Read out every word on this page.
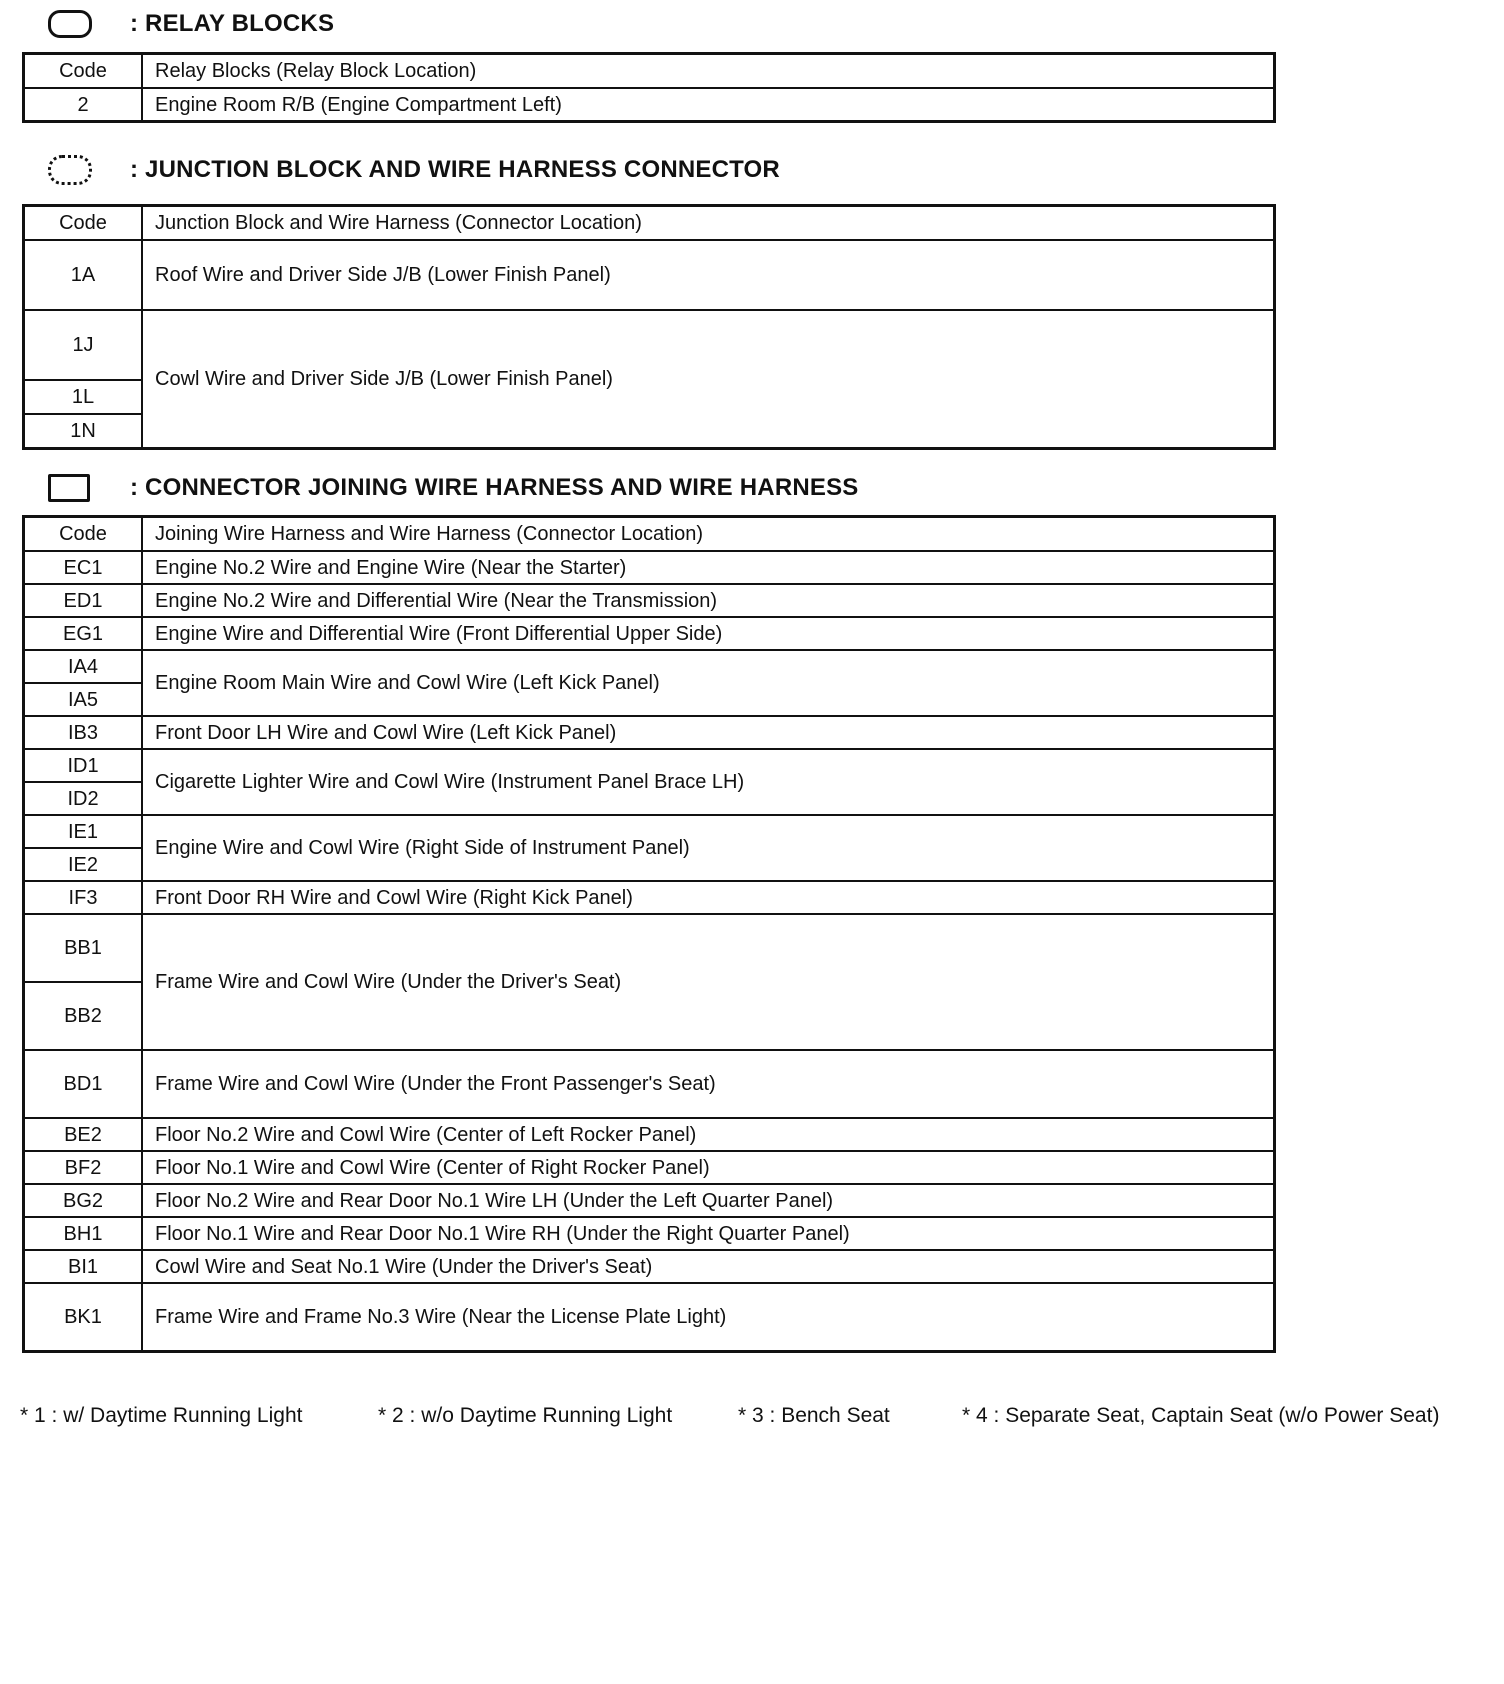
: RELAY BLOCKS
Code	Relay Blocks (Relay Block Location)
2	Engine Room R/B (Engine Compartment Left)
: JUNCTION BLOCK AND WIRE HARNESS CONNECTOR
Code	Junction Block and Wire Harness (Connector Location)
1A	Roof Wire and Driver Side J/B (Lower Finish Panel)
1J	Cowl Wire and Driver Side J/B (Lower Finish Panel)
1L	
1N	
: CONNECTOR JOINING WIRE HARNESS AND WIRE HARNESS
Code	Joining Wire Harness and Wire Harness (Connector Location)
EC1	Engine No.2 Wire and Engine Wire (Near the Starter)
ED1	Engine No.2 Wire and Differential Wire (Near the Transmission)
EG1	Engine Wire and Differential Wire (Front Differential Upper Side)
IA4	Engine Room Main Wire and Cowl Wire (Left Kick Panel)
IA5	
IB3	Front Door LH Wire and Cowl Wire (Left Kick Panel)
ID1	Cigarette Lighter Wire and Cowl Wire (Instrument Panel Brace LH)
ID2	
IE1	Engine Wire and Cowl Wire (Right Side of Instrument Panel)
IE2	
IF3	Front Door RH Wire and Cowl Wire (Right Kick Panel)
BB1	Frame Wire and Cowl Wire (Under the Driver's Seat)
BB2	
BD1	Frame Wire and Cowl Wire (Under the Front Passenger's Seat)
BE2	Floor No.2 Wire and Cowl Wire (Center of Left Rocker Panel)
BF2	Floor No.1 Wire and Cowl Wire (Center of Right Rocker Panel)
BG2	Floor No.2 Wire and Rear Door No.1 Wire LH (Under the Left Quarter Panel)
BH1	Floor No.1 Wire and Rear Door No.1 Wire RH (Under the Right Quarter Panel)
BI1	Cowl Wire and Seat No.1 Wire (Under the Driver's Seat)
BK1	Frame Wire and Frame No.3 Wire (Near the License Plate Light)
* 1 : w/ Daytime Running Light	* 2 : w/o Daytime Running Light	* 3 : Bench Seat	* 4 : Separate Seat, Captain Seat (w/o Power Seat)
